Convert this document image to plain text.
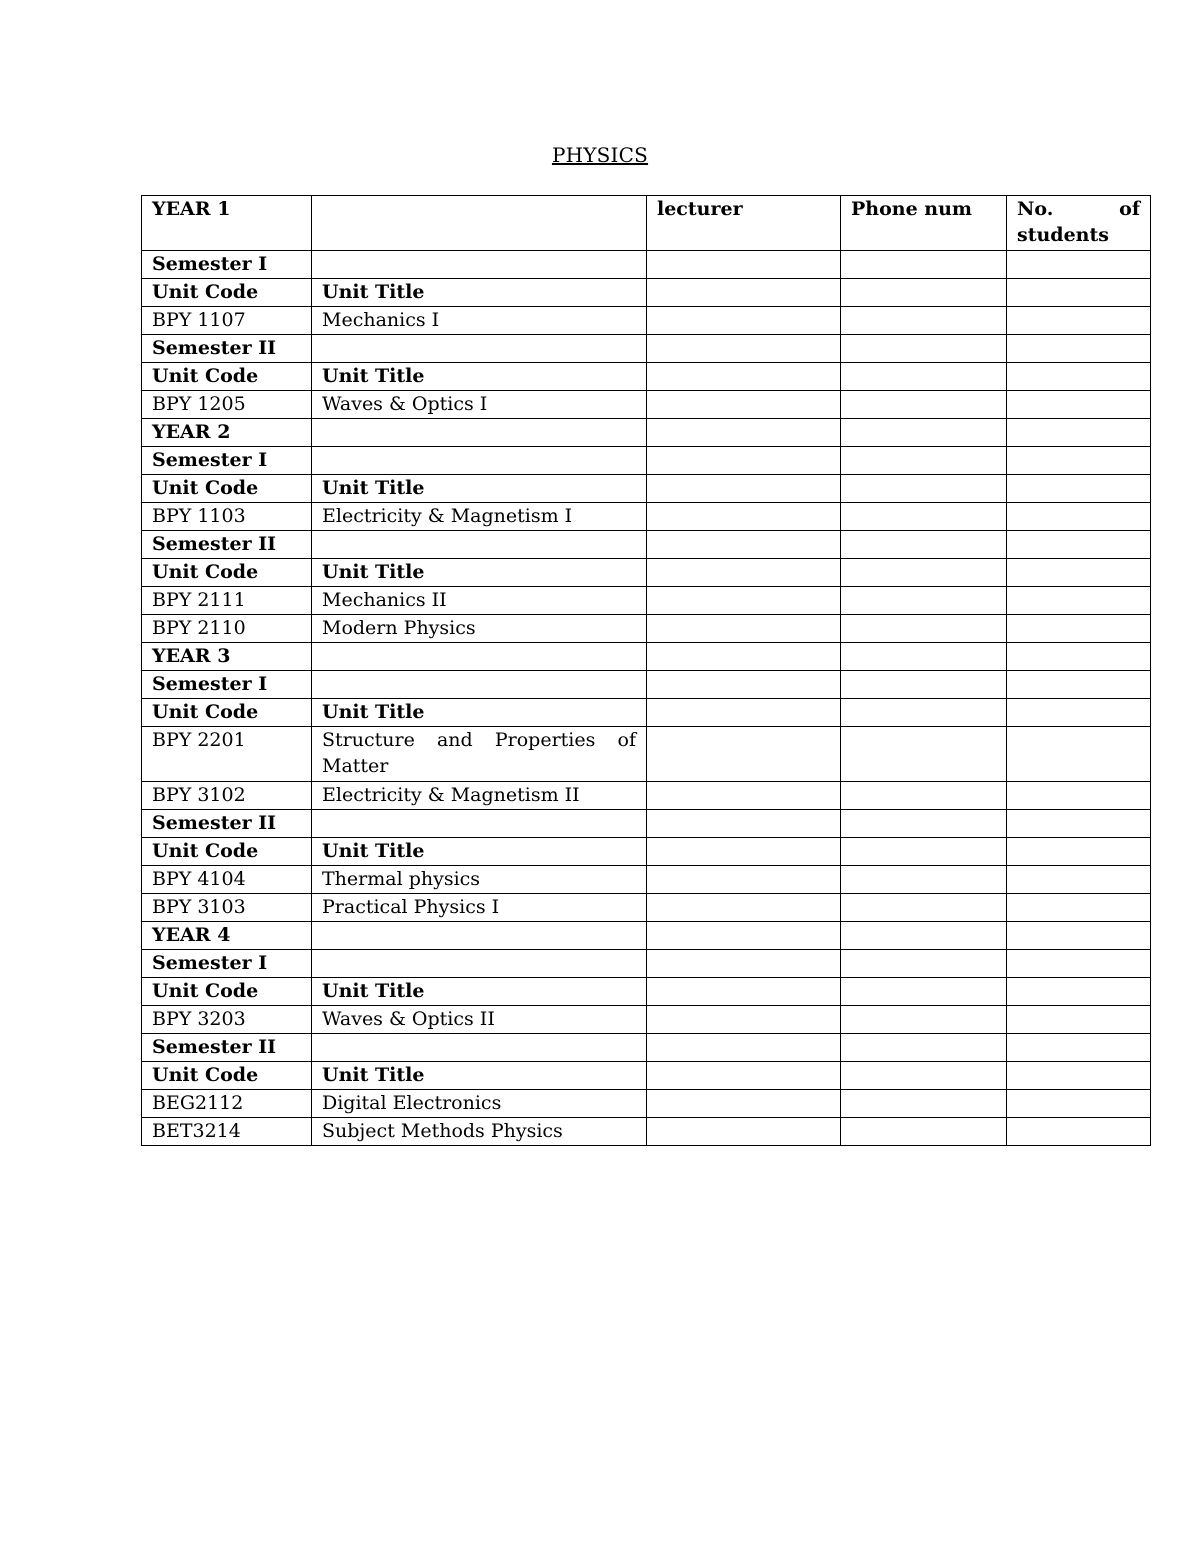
PHYSICS
YEAR 1		lecturer	Phone num	No. of
students

Semester I				
Unit Code	Unit Title			
BPY 1107	Mechanics I			
Semester II				
Unit Code	Unit Title			
BPY 1205	Waves & Optics I			
YEAR 2				
Semester I				
Unit Code	Unit Title			
BPY 1103	Electricity & Magnetism I			
Semester II				
Unit Code	Unit Title			
BPY 2111	Mechanics II			
BPY 2110	Modern Physics			
YEAR 3				
Semester I				
Unit Code	Unit Title			
BPY 2201	Structure and Properties of Matter			
BPY 3102	Electricity & Magnetism II			
Semester II				
Unit Code	Unit Title			
BPY 4104	Thermal physics			
BPY 3103	Practical Physics I			
YEAR 4				
Semester I				
Unit Code	Unit Title			
BPY 3203	Waves & Optics II			
Semester II				
Unit Code	Unit Title			
BEG2112	Digital Electronics			
BET3214	Subject Methods Physics			
